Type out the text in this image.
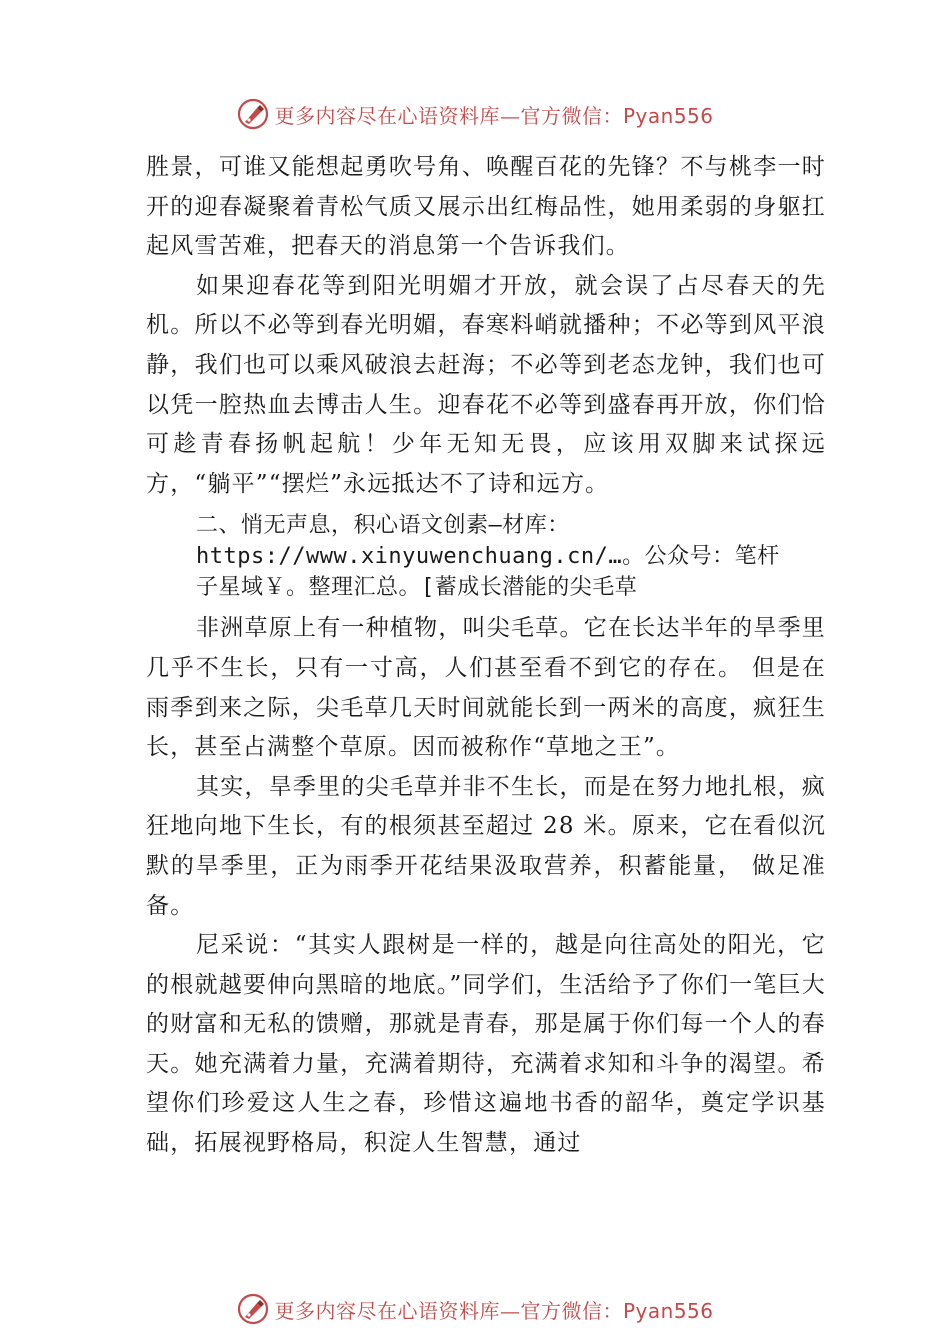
更多内容尽在心语资料库—官方微信：Pyan556

胜景，可谁又能想起勇吹号角、唤醒百花的先锋？不与桃李一时开的迎春凝聚着青松气质又展示出红梅品性，她用柔弱的身躯扛起风雪苦难，把春天的消息第一个告诉我们。

如果迎春花等到阳光明媚才开放，就会误了占尽春天的先机。所以不必等到春光明媚，春寒料峭就播种；不必等到风平浪静，我们也可以乘风破浪去赶海；不必等到老态龙钟，我们也可以凭一腔热血去博击人生。迎春花不必等到盛春再开放，你们恰可趁青春扬帆起航！少年无知无畏，应该用双脚来试探远方，“躺平”“摆烂”永远抵达不了诗和远方。

二、悄无声息，积心语文创素—材库：https://www.xinyuwenchuang.cn/…。公众号：笔杆子星域￥。整理汇总。[蓄成长潜能的尖毛草

非洲草原上有一种植物，叫尖毛草。它在长达半年的旱季里几乎不生长，只有一寸高，人们甚至看不到它的存在。 但是在雨季到来之际，尖毛草几天时间就能长到一两米的高度，疯狂生长，甚至占满整个草原。因而被称作“草地之王”。

其实，旱季里的尖毛草并非不生长，而是在努力地扎根，疯狂地向地下生长，有的根须甚至超过 28 米。原来，它在看似沉默的旱季里，正为雨季开花结果汲取营养，积蓄能量， 做足准备。

尼采说：“其实人跟树是一样的，越是向往高处的阳光，它的根就越要伸向黑暗的地底。”同学们，生活给予了你们一笔巨大的财富和无私的馈赠，那就是青春，那是属于你们每一个人的春天。她充满着力量，充满着期待，充满着求知和斗争的渴望。希望你们珍爱这人生之春，珍惜这遍地书香的韶华，奠定学识基础，拓展视野格局，积淀人生智慧，通过

更多内容尽在心语资料库—官方微信：Pyan556
